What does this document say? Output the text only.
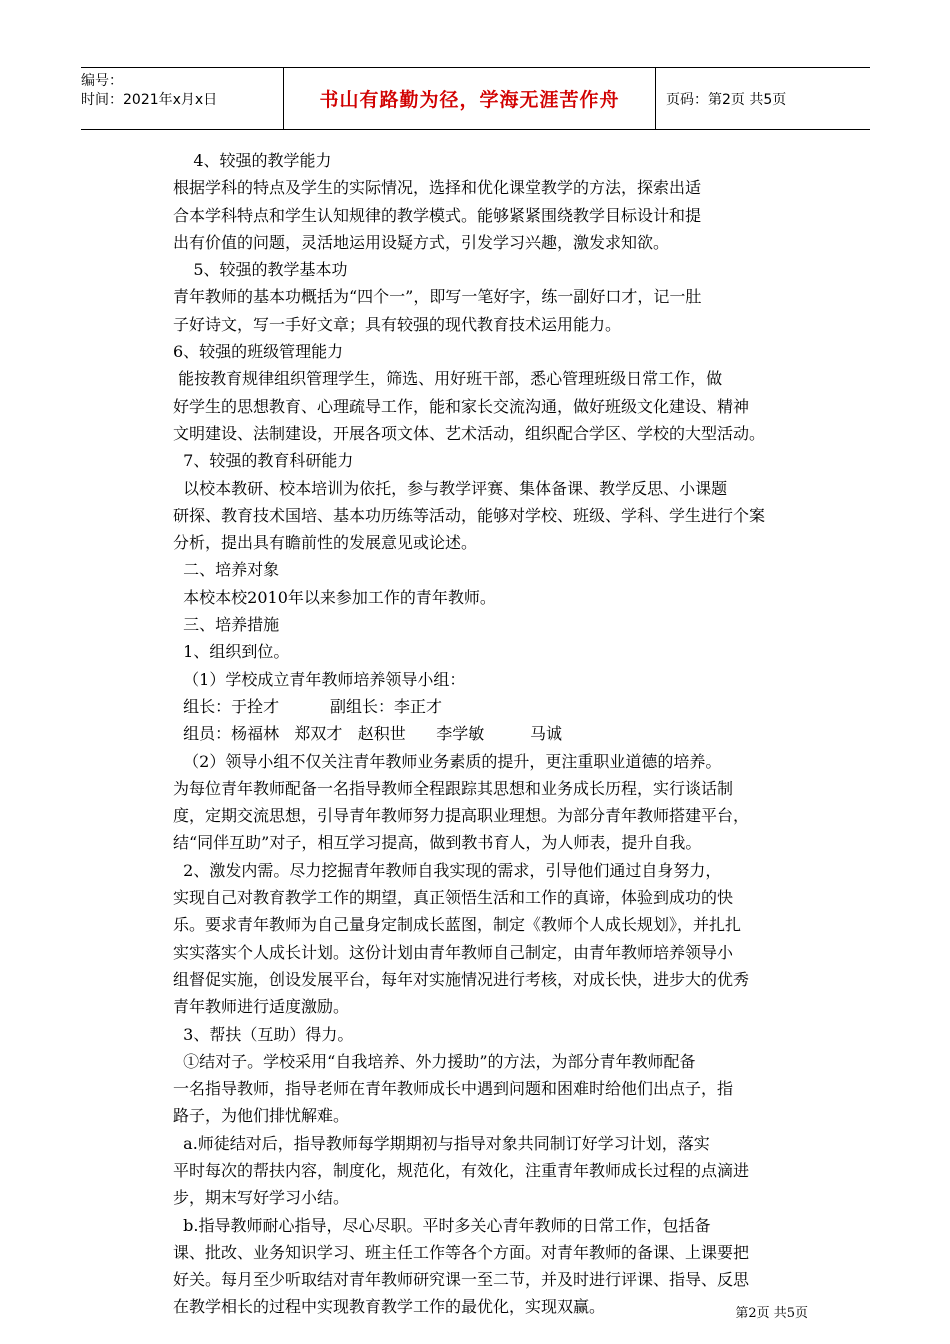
编号：
时间：2021年x月x日	书山有路勤为径，学海无涯苦作舟	页码：第2页 共5页

4、较强的教学能力

根据学科的特点及学生的实际情况，选择和优化课堂教学的方法，探索出适

合本学科特点和学生认知规律的教学模式。能够紧紧围绕教学目标设计和提

出有价值的问题，灵活地运用设疑方式，引发学习兴趣，激发求知欲。

5、较强的教学基本功

青年教师的基本功概括为“四个一”，即写一笔好字，练一副好口才，记一肚

子好诗文，写一手好文章；具有较强的现代教育技术运用能力。

6、较强的班级管理能力

能按教育规律组织管理学生，筛选、用好班干部，悉心管理班级日常工作，做

好学生的思想教育、心理疏导工作，能和家长交流沟通，做好班级文化建设、精神

文明建设、法制建设，开展各项文体、艺术活动，组织配合学区、学校的大型活动。

7、较强的教育科研能力

以校本教研、校本培训为依托，参与教学评赛、集体备课、教学反思、小课题

研探、教育技术国培、基本功历练等活动，能够对学校、班级、学科、学生进行个案

分析，提出具有瞻前性的发展意见或论述。

二、培养对象

本校本校2010年以来参加工作的青年教师。

三、培养措施

1、组织到位。

（1）学校成立青年教师培养领导小组：

组长：于拴才          副组长：李正才

组员：杨福林   郑双才   赵积世      李学敏         马诚

（2）领导小组不仅关注青年教师业务素质的提升，更注重职业道德的培养。

为每位青年教师配备一名指导教师全程跟踪其思想和业务成长历程，实行谈话制

度，定期交流思想，引导青年教师努力提高职业理想。为部分青年教师搭建平台，

结“同伴互助”对子，相互学习提高，做到教书育人，为人师表，提升自我。

2、激发内需。尽力挖掘青年教师自我实现的需求，引导他们通过自身努力，

实现自己对教育教学工作的期望，真正领悟生活和工作的真谛，体验到成功的快

乐。要求青年教师为自己量身定制成长蓝图，制定《教师个人成长规划》，并扎扎

实实落实个人成长计划。这份计划由青年教师自己制定，由青年教师培养领导小

组督促实施，创设发展平台，每年对实施情况进行考核，对成长快，进步大的优秀

青年教师进行适度激励。

3、帮扶（互助）得力。

①结对子。学校采用“自我培养、外力援助”的方法，为部分青年教师配备

一名指导教师，指导老师在青年教师成长中遇到问题和困难时给他们出点子，指

路子，为他们排忧解难。

a.师徒结对后，指导教师每学期期初与指导对象共同制订好学习计划，落实

平时每次的帮扶内容，制度化，规范化，有效化，注重青年教师成长过程的点滴进

步，期末写好学习小结。

b.指导教师耐心指导，尽心尽职。平时多关心青年教师的日常工作，包括备

课、批改、业务知识学习、班主任工作等各个方面。对青年教师的备课、上课要把

好关。每月至少听取结对青年教师研究课一至二节，并及时进行评课、指导、反思

在教学相长的过程中实现教育教学工作的最优化，实现双赢。	第2页 共5页
